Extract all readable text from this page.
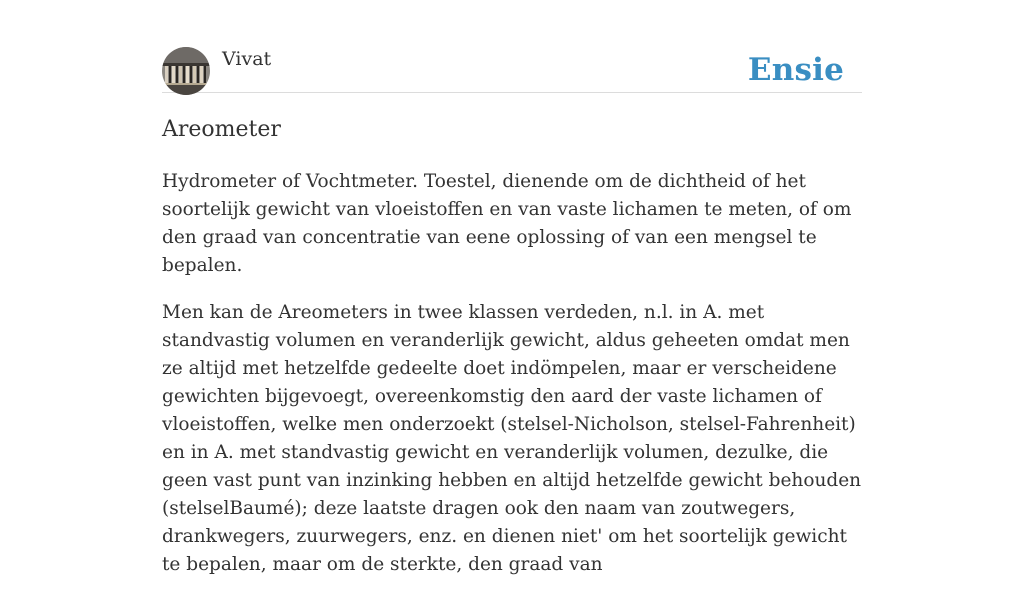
Vivat	Ensie
Areometer

Hydrometer of Vochtmeter. Toestel, dienende om de dichtheid of het soortelijk gewicht van vloeistoffen en van vaste lichamen te meten, of om den graad van concentratie van eene oplossing of van een mengsel te bepalen.

Men kan de Areometers in twee klassen verdeden, n.l. in A. met standvastig volumen en veranderlijk gewicht, aldus geheeten omdat men ze altijd met hetzelfde gedeelte doet indömpelen, maar er verscheidene gewichten bijgevoegt, overeenkomstig den aard der vaste lichamen of vloeistoffen, welke men onderzoekt (stelsel-Nicholson, stelsel-Fahrenheit) en in A. met standvastig gewicht en veranderlijk volumen, dezulke, die geen vast punt van inzinking hebben en altijd hetzelfde gewicht behouden (stelselBaumé); deze laatste dragen ook den naam van zoutwegers, drankwegers, zuurwegers, enz. en dienen niet' om het soortelijk gewicht te bepalen, maar om de sterkte, den graad van
